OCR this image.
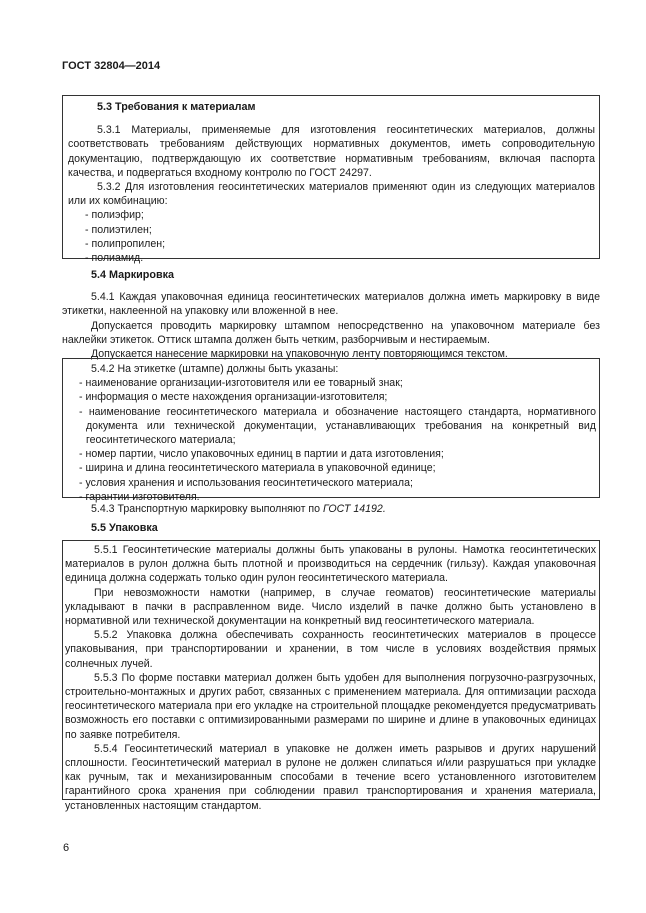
ГОСТ 32804—2014

5.3 Требования к материалам

5.3.1 Материалы, применяемые для изготовления геосинтетических материалов, должны соответствовать требованиям действующих нормативных документов, иметь сопроводительную документацию, подтверждающую их соответствие нормативным требованиям, включая паспорта качества, и подвергаться входному контролю по ГОСТ 24297.

5.3.2 Для изготовления геосинтетических материалов применяют один из следующих материалов или их комбинацию:

- полиэфир;

- полиэтилен;

- полипропилен;

- полиамид.

5.4 Маркировка

5.4.1 Каждая упаковочная единица геосинтетических материалов должна иметь маркировку в виде этикетки, наклеенной на упаковку или вложенной в нее.

Допускается проводить маркировку штампом непосредственно на упаковочном материале без наклейки этикеток. Оттиск штампа должен быть четким, разборчивым и нестираемым.

Допускается нанесение маркировки на упаковочную ленту повторяющимся текстом.

5.4.2 На этикетке (штампе) должны быть указаны:

- наименование организации-изготовителя или ее товарный знак;

- информация о месте нахождения организации-изготовителя;

- наименование геосинтетического материала и обозначение настоящего стандарта, нормативного документа или технической документации, устанавливающих требования на конкретный вид геосинтетического материала;

- номер партии, число упаковочных единиц в партии и дата изготовления;

- ширина и длина геосинтетического материала в упаковочной единице;

- условия хранения и использования геосинтетического материала;

- гарантии изготовителя.

5.4.3 Транспортную маркировку выполняют по ГОСТ 14192.

5.5 Упаковка

5.5.1 Геосинтетические материалы должны быть упакованы в рулоны. Намотка геосинтетических материалов в рулон должна быть плотной и производиться на сердечник (гильзу). Каждая упаковочная единица должна содержать только один рулон геосинтетического материала.

При невозможности намотки (например, в случае геоматов) геосинтетические материалы укладывают в пачки в расправленном виде. Число изделий в пачке должно быть установлено в нормативной или технической документации на конкретный вид геосинтетического материала.

5.5.2 Упаковка должна обеспечивать сохранность геосинтетических материалов в процессе упаковывания, при транспортировании и хранении, в том числе в условиях воздействия прямых солнечных лучей.

5.5.3 По форме поставки материал должен быть удобен для выполнения погрузочно-разгрузочных, строительно-монтажных и других работ, связанных с применением материала. Для оптимизации расхода геосинтетического материала при его укладке на строительной площадке рекомендуется предусматривать возможность его поставки с оптимизированными размерами по ширине и длине в упаковочных единицах по заявке потребителя.

5.5.4 Геосинтетический материал в упаковке не должен иметь разрывов и других нарушений сплошности. Геосинтетический материал в рулоне не должен слипаться и/или разрушаться при укладке как ручным, так и механизированным способами в течение всего установленного изготовителем гарантийного срока хранения при соблюдении правил транспортирования и хранения материала, установленных настоящим стандартом.

6
